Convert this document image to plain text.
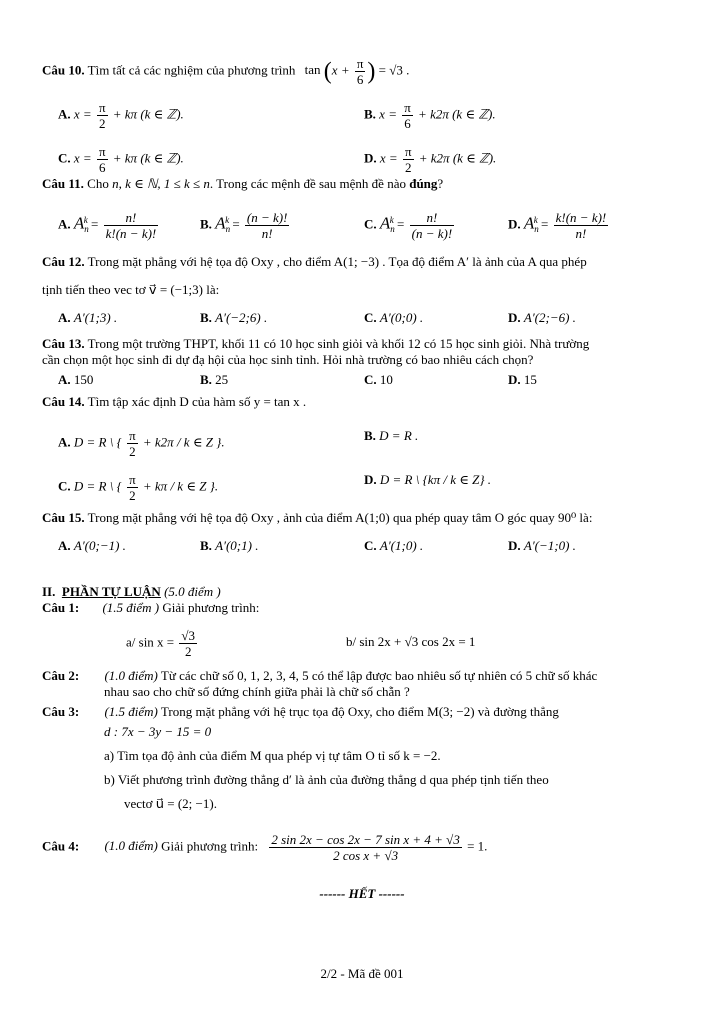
Câu 10. Tìm tất cả các nghiệm của phương trình $\tan (x + \frac{\pi}{6}$ ) = √3 .
A. $x = \frac{\pi}{2} + k\pi$ (k ∈ ℤ).	B. $x = \frac{\pi}{6} + k2\pi$ (k ∈ ℤ).
C. $x = \frac{\pi}{6} + k\pi$ (k ∈ ℤ).	D. $x = \frac{\pi}{2} + k2\pi$ (k ∈ ℤ).
Câu 11. Cho n, k ∈ ℕ, 1 ≤ k ≤ n. Trong các mệnh đề sau mệnh đề nào đúng?
A. $A_n^k = \frac{n!}{k!(n - k)!}$	B. $A_n^k = \frac{(n - k)!}{n!}$	C. $A_n^k = \frac{n!}{(n - k)!}$	D. $A_n^k = \frac{k!(n - k)!}{n!}$
Câu 12. Trong mặt phẳng với hệ tọa độ Oxy , cho điểm A(1; −3) . Tọa độ điểm A′ là ảnh của A qua phép
tịnh tiến theo vec tơ v⃗ = (−1;3) là:
A. A′(1;3) .	B. A′(−2;6) .	C. A′(0;0) .	D. A′(2;−6) .
Câu 13. Trong một trường THPT, khối 11 có 10 học sinh giỏi và khối 12 có 15 học sinh giỏi. Nhà trường
cần chọn một học sinh đi dự đạ hội của học sinh tỉnh. Hỏi nhà trường có bao nhiêu cách chọn?
A. 150	B. 25	C. 10	D. 15
Câu 14. Tìm tập xác định D của hàm số y = tan x .
A. D = R \ { $\frac{\pi}{2} + k2\pi / k$ ∈ Z }.	B. D = R .
C. D = R \ { $\frac{\pi}{2} + k\pi / k$ ∈ Z }.	D. D = R \ {kπ / k ∈ Z} .
Câu 15. Trong mặt phẳng với hệ tọa độ Oxy , ảnh của điểm A(1;0) qua phép quay tâm O góc quay 90⁰ là:
A. A′(0;−1) .	B. A′(0;1) .	C. A′(1;0) .	D. A′(−1;0) .
II. PHẦN TỰ LUẬN (5.0 điểm )
Câu 1: (1.5 điểm ) Giải phương trình:
a/ $\sin x = \frac{√3}{2}$	b/ sin 2x + √3 cos 2x = 1
Câu 2: (1.0 điểm) Từ các chữ số 0, 1, 2, 3, 4, 5 có thể lập được bao nhiêu số tự nhiên có 5 chữ số khác
nhau sao cho chữ số đứng chính giữa phải là chữ số chẵn ?
Câu 3: (1.5 điểm) Trong mặt phẳng với hệ trục tọa độ Oxy, cho điểm M(3; −2) và đường thẳng
d : 7x − 3y − 15 = 0
a) Tìm tọa độ ảnh của điểm M qua phép vị tự tâm O tỉ số k = −2.
b) Viết phương trình đường thẳng d′ là ảnh của đường thẳng d qua phép tịnh tiến theo
vectơ u⃗ = (2; −1).
Câu 4: (1.0 điểm) Giải phương trình: $\frac{\text{2 sin 2x − cos 2x − 7 sin x + 4 + √3}}{\text{2 cos x + √3}} = 1$.
------ HẾT ------
2/2 - Mã đề 001
